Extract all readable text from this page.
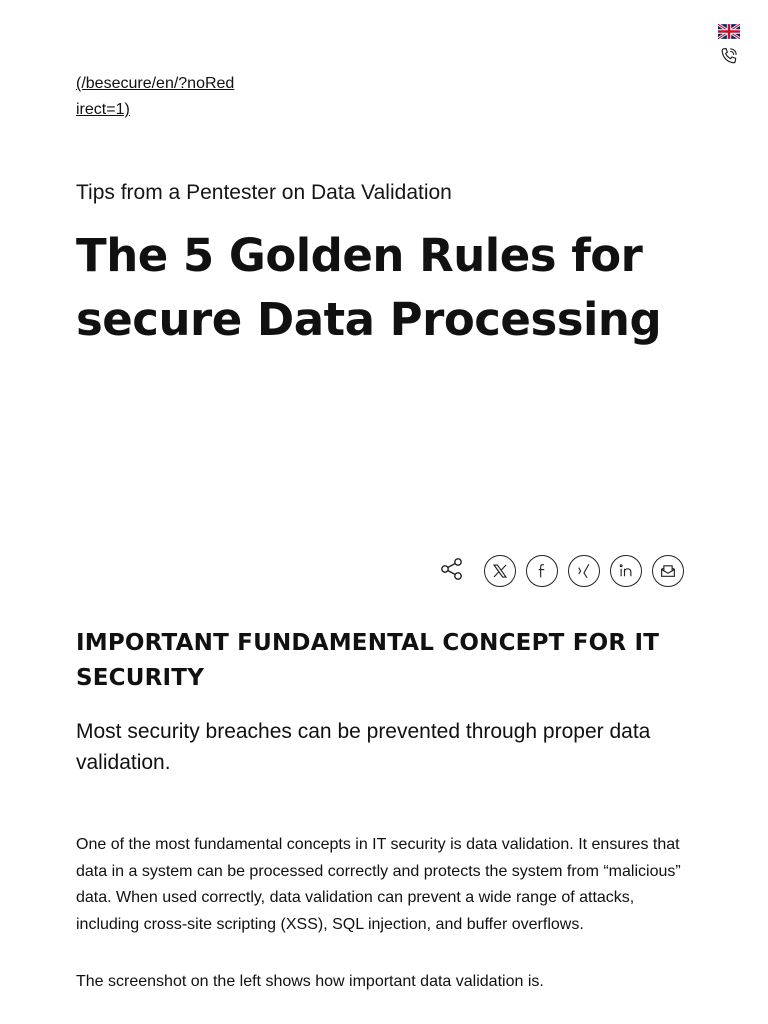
(/besecure/en/?noRedirect=1)

Tips from a Pentester on Data Validation

The 5 Golden Rules for secure Data Processing
IMPORTANT FUNDAMENTAL CONCEPT FOR IT SECURITY

Most security breaches can be prevented through proper data validation.

One of the most fundamental concepts in IT security is data validation. It ensures that data in a system can be processed correctly and protects the system from “malicious” data. When used correctly, data validation can prevent a wide range of attacks, including cross-site scripting (XSS), SQL injection, and buffer overflows.

The screenshot on the left shows how important data validation is.
